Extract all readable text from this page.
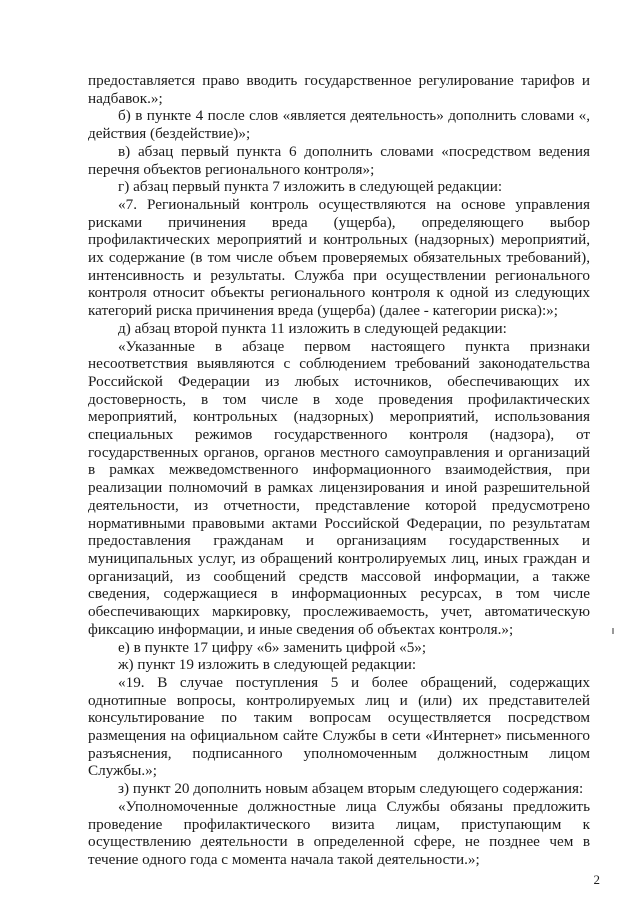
предоставляется право вводить государственное регулирование тарифов и надбавок.»;

б) в пункте 4 после слов «является деятельность» дополнить словами «, действия (бездействие)»;

в) абзац первый пункта 6 дополнить словами «посредством ведения перечня объектов регионального контроля»;

г) абзац первый пункта 7 изложить в следующей редакции:

«7. Региональный контроль осуществляются на основе управления рисками причинения вреда (ущерба), определяющего выбор профилактических мероприятий и контрольных (надзорных) мероприятий, их содержание (в том числе объем проверяемых обязательных требований), интенсивность и результаты. Служба при осуществлении регионального контроля относит объекты регионального контроля к одной из следующих категорий риска причинения вреда (ущерба) (далее - категории риска):»;

д) абзац второй пункта 11 изложить в следующей редакции:

«Указанные в абзаце первом настоящего пункта признаки несоответствия выявляются с соблюдением требований законодательства Российской Федерации из любых источников, обеспечивающих их достоверность, в том числе в ходе проведения профилактических мероприятий, контрольных (надзорных) мероприятий, использования специальных режимов государственного контроля (надзора), от государственных органов, органов местного самоуправления и организаций в рамках межведомственного информационного взаимодействия, при реализации полномочий в рамках лицензирования и иной разрешительной деятельности, из отчетности, представление которой предусмотрено нормативными правовыми актами Российской Федерации, по результатам предоставления гражданам и организациям государственных и муниципальных услуг, из обращений контролируемых лиц, иных граждан и организаций, из сообщений средств массовой информации, а также сведения, содержащиеся в информационных ресурсах, в том числе обеспечивающих маркировку, прослеживаемость, учет, автоматическую фиксацию информации, и иные сведения об объектах контроля.»;

е) в пункте 17 цифру «6» заменить цифрой «5»;

ж) пункт 19 изложить в следующей редакции:

«19. В случае поступления 5 и более обращений, содержащих однотипные вопросы, контролируемых лиц и (или) их представителей консультирование по таким вопросам осуществляется посредством размещения на официальном сайте Службы в сети «Интернет» письменного разъяснения, подписанного уполномоченным должностным лицом Службы.»;

з) пункт 20 дополнить новым абзацем вторым следующего содержания:

«Уполномоченные должностные лица Службы обязаны предложить проведение профилактического визита лицам, приступающим к осуществлению деятельности в определенной сфере, не позднее чем в течение одного года с момента начала такой деятельности.»;

2
